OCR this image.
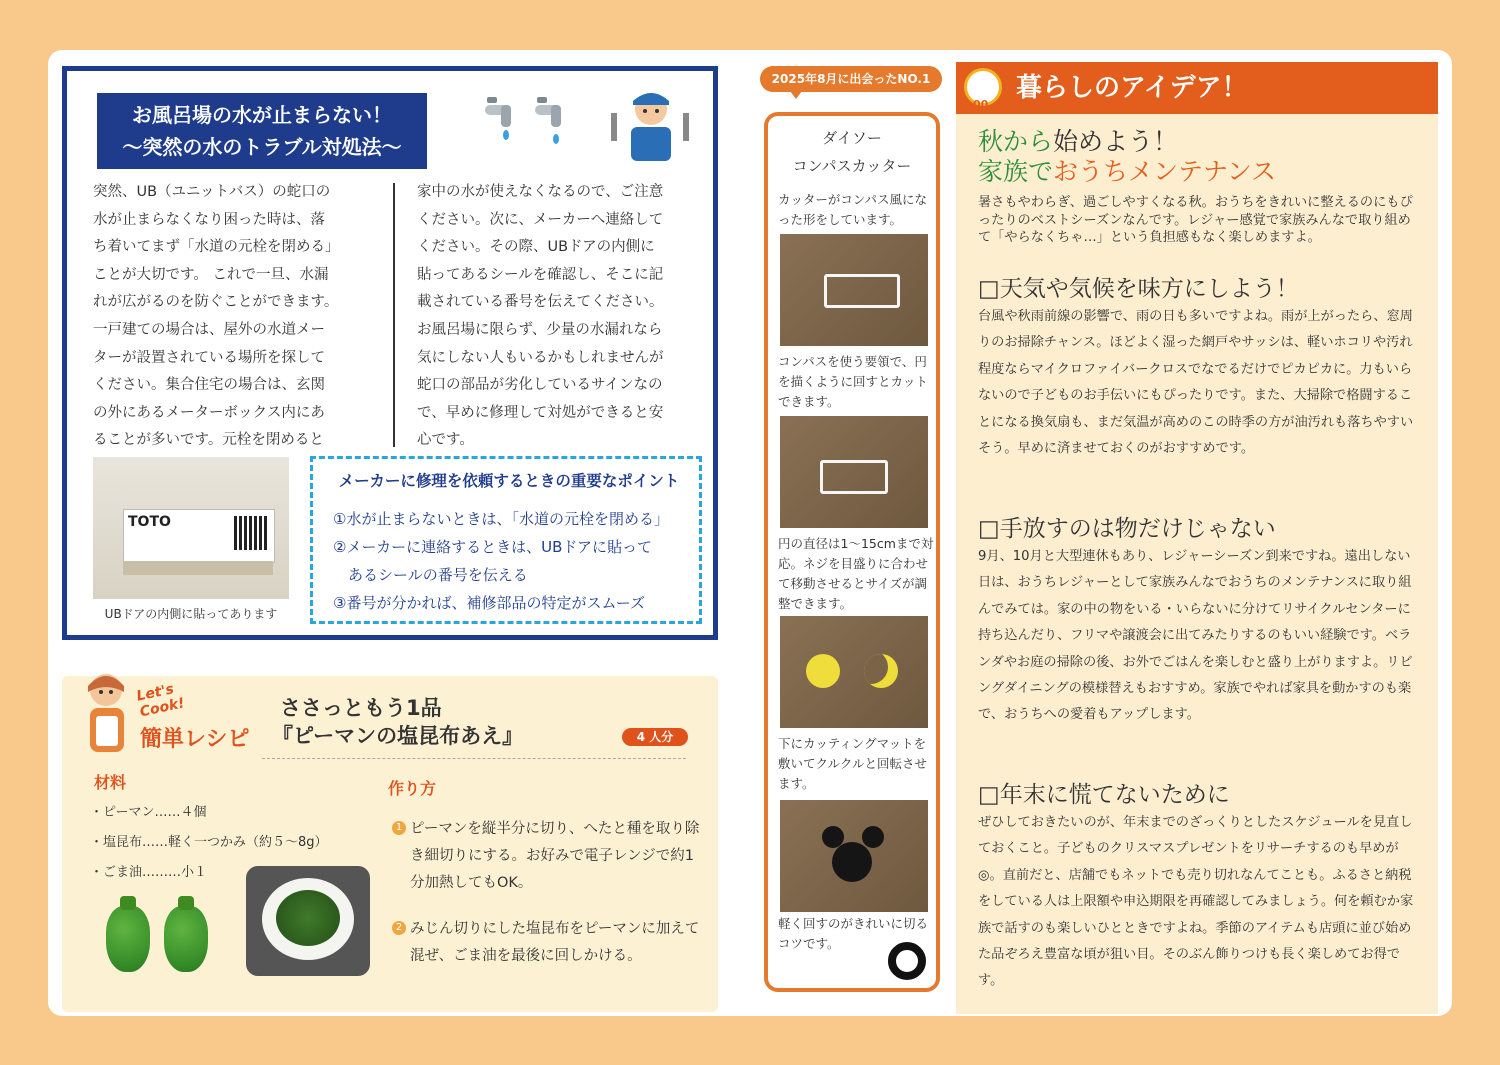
お風呂場の水が止まらない！
〜突然の水のトラブル対処法〜
突然、UB（ユニットバス）の蛇口の
水が止まらなくなり困った時は、落
ち着いてまず「水道の元栓を閉める」
ことが大切です。 これで一旦、水漏
れが広がるのを防ぐことができます。
一戸建ての場合は、屋外の水道メー
ターが設置されている場所を探して
ください。集合住宅の場合は、玄関
の外にあるメーターボックス内にあ
ることが多いです。元栓を閉めると
家中の水が使えなくなるので、ご注意
ください。次に、メーカーへ連絡して
ください。その際、UBドアの内側に
貼ってあるシールを確認し、そこに記
載されている番号を伝えてください。
お風呂場に限らず、少量の水漏れなら
気にしない人もいるかもしれませんが
蛇口の部品が劣化しているサインなの
で、早めに修理して対処ができると安
心です。
TOTO
UBドアの内側に貼ってあります
メーカーに修理を依頼するときの重要なポイント
①水が止まらないときは、「水道の元栓を閉める」
②メーカーに連絡するときは、UBドアに貼って
　あるシールの番号を伝える
③番号が分かれば、補修部品の特定がスムーズ
Let's
Cook!
簡単レシピ
ささっともう1品
『ピーマンの塩昆布あえ』	4 人分
材料
・ピーマン……４個
・塩昆布……軽く一つかみ（約５～8g）
・ごま油………小１
作り方
1 ピーマンを縦半分に切り、へたと種を取り除き細切りにする。お好みで電子レンジで約1分加熱してもOK。
2 みじん切りにした塩昆布をピーマンに加えて混ぜ、ごま油を最後に回しかける。
2025年8月に出会ったNO.1
ダイソー
コンパスカッター
カッターがコンパス風になった形をしています。
コンパスを使う要領で、円を描くように回すとカットできます。
円の直径は1〜15cmまで対応。ネジを目盛りに合わせて移動させるとサイズが調整できます。
下にカッティングマットを敷いてクルクルと回転させます。
軽く回すのがきれいに切るコツです。
00
暮らしのアイデア！
秋から始めよう！
家族でおうちメンテナンス
暑さもやわらぎ、過ごしやすくなる秋。おうちをきれいに整えるのにもぴったりのベストシーズンなんです。レジャー感覚で家族みんなで取り組めて「やらなくちゃ…」という負担感もなく楽しめますよ。
□天気や気候を味方にしよう！
台風や秋雨前線の影響で、雨の日も多いですよね。雨が上がったら、窓周りのお掃除チャンス。ほどよく湿った網戸やサッシは、軽いホコリや汚れ程度ならマイクロファイバークロスでなでるだけでピカピカに。力もいらないので子どものお手伝いにもぴったりです。また、大掃除で格闘することになる換気扇も、まだ気温が高めのこの時季の方が油汚れも落ちやすいそう。早めに済ませておくのがおすすめです。
□手放すのは物だけじゃない
9月、10月と大型連休もあり、レジャーシーズン到来ですね。遠出しない日は、おうちレジャーとして家族みんなでおうちのメンテナンスに取り組んでみては。家の中の物をいる・いらないに分けてリサイクルセンターに持ち込んだり、フリマや譲渡会に出てみたりするのもいい経験です。ベランダやお庭の掃除の後、お外でごはんを楽しむと盛り上がりますよ。リビングダイニングの模様替えもおすすめ。家族でやれば家具を動かすのも楽で、おうちへの愛着もアップします。
□年末に慌てないために
ぜひしておきたいのが、年末までのざっくりとしたスケジュールを見直しておくこと。子どものクリスマスプレゼントをリサーチするのも早めが◎。直前だと、店舗でもネットでも売り切れなんてことも。ふるさと納税をしている人は上限額や申込期限を再確認してみましょう。何を頼むか家族で話すのも楽しいひとときですよね。季節のアイテムも店頭に並び始めた品ぞろえ豊富な頃が狙い目。そのぶん飾りつけも長く楽しめてお得です。
